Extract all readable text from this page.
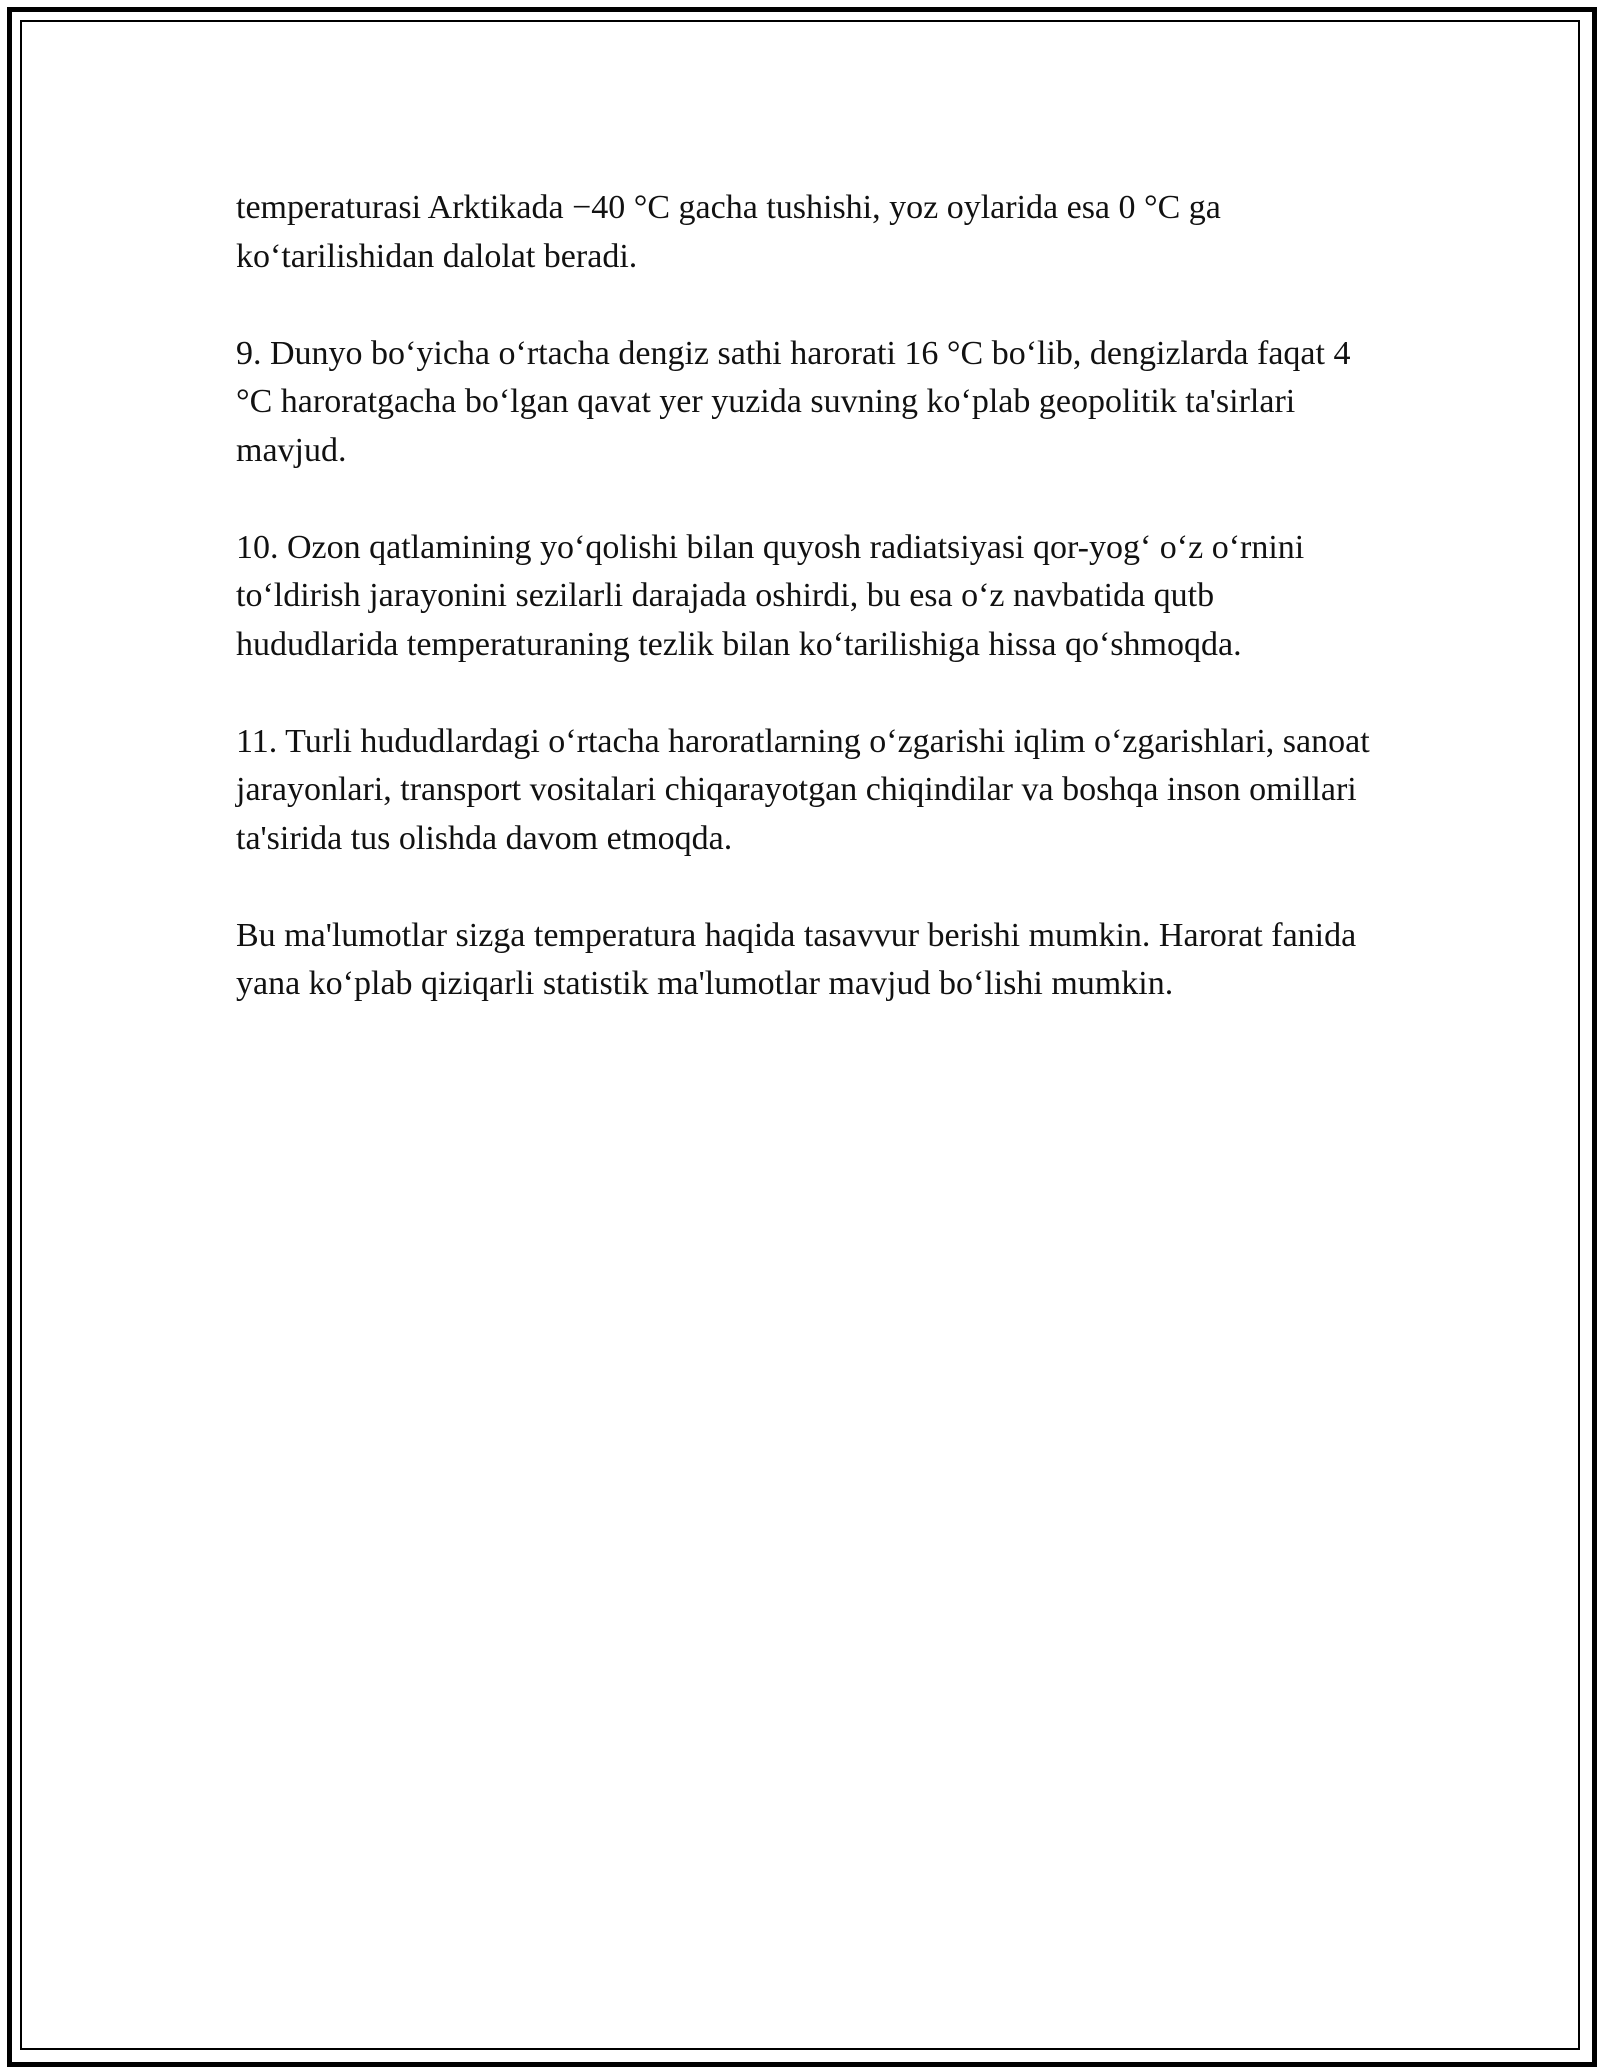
temperaturasi Arktikada −40 °C gacha tushishi, yoz oylarida esa 0 °C ga ko‘tarilishidan dalolat beradi.

9. Dunyo bo‘yicha o‘rtacha dengiz sathi harorati 16 °C bo‘lib, dengizlarda faqat 4 °C haroratgacha bo‘lgan qavat yer yuzida suvning ko‘plab geopolitik ta'sirlari mavjud.

10. Ozon qatlamining yo‘qolishi bilan quyosh radiatsiyasi qor-yog‘ o‘z o‘rnini to‘ldirish jarayonini sezilarli darajada oshirdi, bu esa o‘z navbatida qutb hududlarida temperaturaning tezlik bilan ko‘tarilishiga hissa qo‘shmoqda.

11. Turli hududlardagi o‘rtacha haroratlarning o‘zgarishi iqlim o‘zgarishlari, sanoat jarayonlari, transport vositalari chiqarayotgan chiqindilar va boshqa inson omillari ta'sirida tus olishda davom etmoqda.

Bu ma'lumotlar sizga temperatura haqida tasavvur berishi mumkin. Harorat fanida yana ko‘plab qiziqarli statistik ma'lumotlar mavjud bo‘lishi mumkin.
